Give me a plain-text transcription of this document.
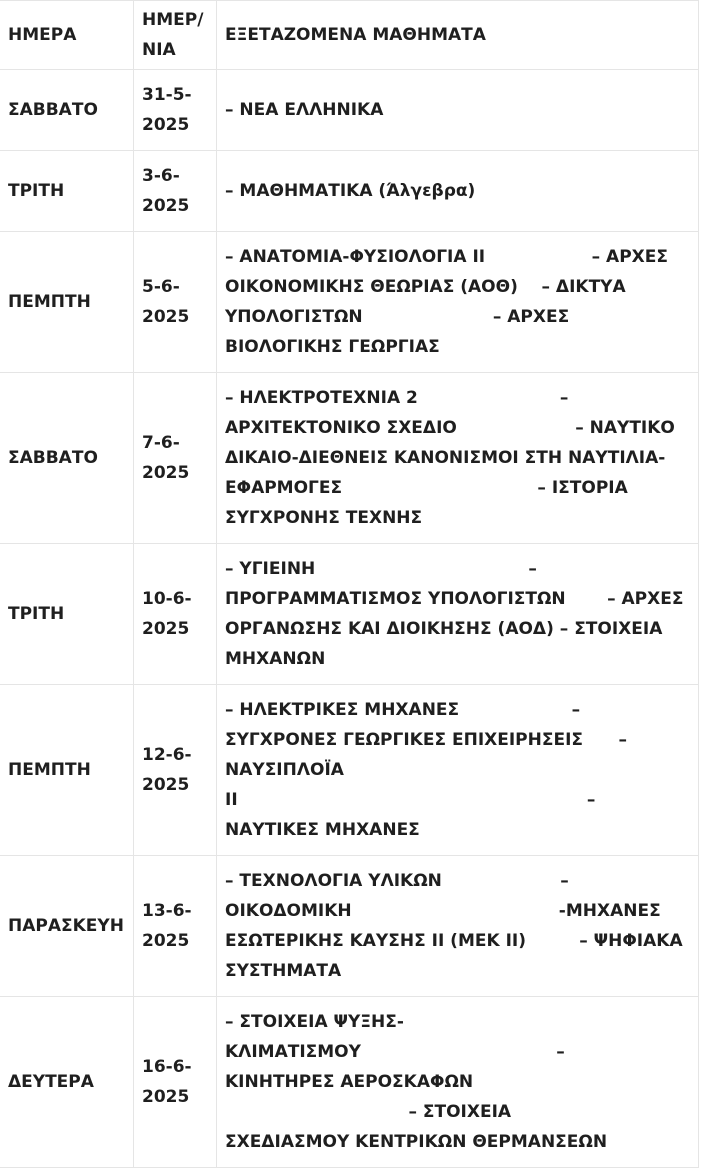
ΗΜΕΡΑ	ΗΜΕΡ/ΝΙΑ	ΕΞΕΤΑΖΟΜΕΝΑ ΜΑΘΗΜΑΤΑ
ΣΑΒΒΑΤΟ	31-5-2025	– ΝΕΑ ΕΛΛΗΝΙΚΑ

ΤΡΙΤΗ	3-6-2025	– ΜΑΘΗΜΑΤΙΚΑ (Άλγεβρα)

ΠΕΜΠΤΗ	5-6-2025	– ΑΝΑΤΟΜΙΑ-ΦΥΣΙΟΛΟΓΙΑ ΙΙ                  – ΑΡΧΕΣ
ΟΙΚΟΝΟΜΙΚΗΣ ΘΕΩΡΙΑΣ (ΑΟΘ)    – ΔΙΚΤΥΑ
ΥΠΟΛΟΓΙΣΤΩΝ                      – ΑΡΧΕΣ
ΒΙΟΛΟΓΙΚΗΣ ΓΕΩΡΓΙΑΣ

ΣΑΒΒΑΤΟ	7-6-2025	– ΗΛΕΚΤΡΟΤΕΧΝΙΑ 2                        –
ΑΡΧΙΤΕΚΤΟΝΙΚΟ ΣΧΕΔΙΟ                    – ΝΑΥΤΙΚΟ
ΔΙΚΑΙΟ-ΔΙΕΘΝΕΙΣ ΚΑΝΟΝΙΣΜΟΙ ΣΤΗ ΝΑΥΤΙΛΙΑ-
ΕΦΑΡΜΟΓΕΣ                                 – ΙΣΤΟΡΙΑ
ΣΥΓΧΡΟΝΗΣ ΤΕΧΝΗΣ

ΤΡΙΤΗ	10-6-2025	– ΥΓΙΕΙΝΗ                                    –
ΠΡΟΓΡΑΜΜΑΤΙΣΜΟΣ ΥΠΟΛΟΓΙΣΤΩΝ       – ΑΡΧΕΣ
ΟΡΓΑΝΩΣΗΣ ΚΑΙ ΔΙΟΙΚΗΣΗΣ (ΑΟΔ) – ΣΤΟΙΧΕΙΑ
ΜΗΧΑΝΩΝ

ΠΕΜΠΤΗ	12-6-2025	– ΗΛΕΚΤΡΙΚΕΣ ΜΗΧΑΝΕΣ                   –
ΣΥΓΧΡΟΝΕΣ ΓΕΩΡΓΙΚΕΣ ΕΠΙΧΕΙΡΗΣΕΙΣ      –
ΝΑΥΣΙΠΛΟΪΑ
ΙΙ                                                           –
ΝΑΥΤΙΚΕΣ ΜΗΧΑΝΕΣ

ΠΑΡΑΣΚΕΥΗ	13-6-2025	– ΤΕΧΝΟΛΟΓΙΑ ΥΛΙΚΩΝ                    –
ΟΙΚΟΔΟΜΙΚΗ                                   -ΜΗΧΑΝΕΣ
ΕΣΩΤΕΡΙΚΗΣ ΚΑΥΣΗΣ ΙΙ (ΜΕΚ ΙΙ)         – ΨΗΦΙΑΚΑ
ΣΥΣΤΗΜΑΤΑ

ΔΕΥΤΕΡΑ	16-6-2025	– ΣΤΟΙΧΕΙΑ ΨΥΞΗΣ-
ΚΛΙΜΑΤΙΣΜΟΥ                                 –
ΚΙΝΗΤΗΡΕΣ ΑΕΡΟΣΚΑΦΩΝ
– ΣΤΟΙΧΕΙΑ
ΣΧΕΔΙΑΣΜΟΥ ΚΕΝΤΡΙΚΩΝ ΘΕΡΜΑΝΣΕΩΝ
